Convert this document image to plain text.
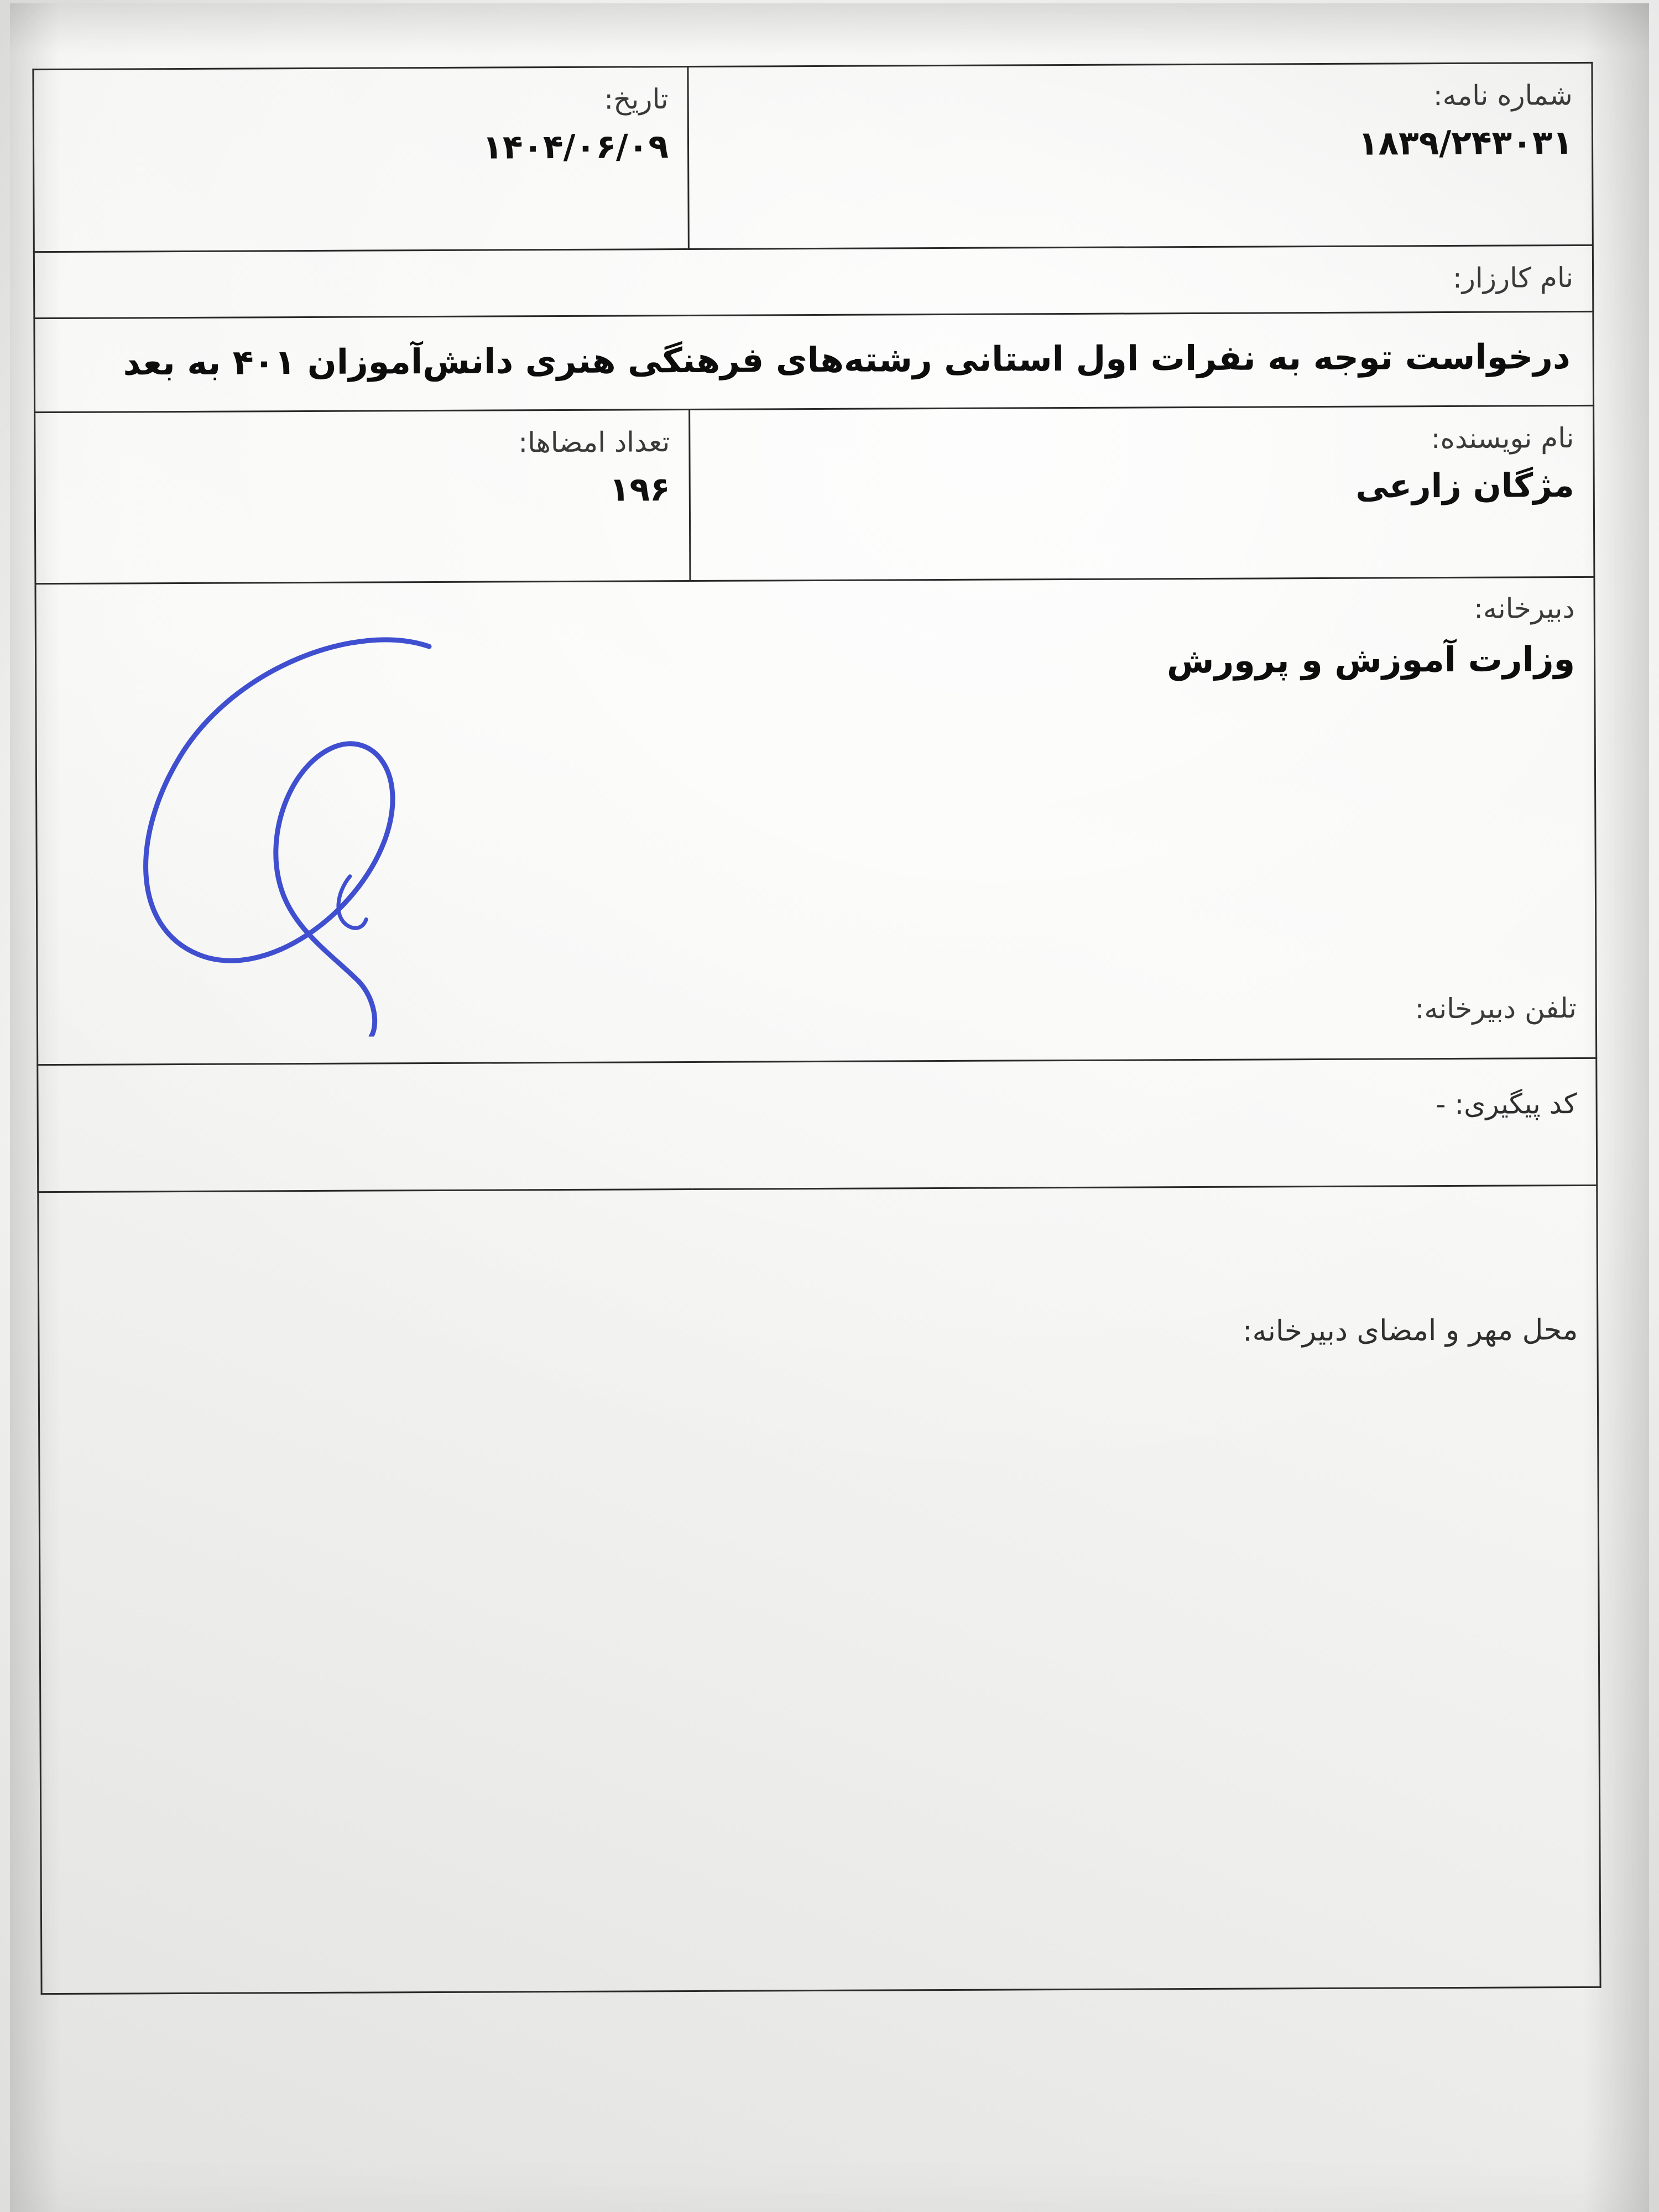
شماره نامه:
۱۸۳۹/۲۴۳۰۳۱

تاریخ:
۱۴۰۴/۰۶/۰۹

نام کارزار:	

درخواست توجه به نفرات اول استانی رشته‌های فرهنگی هنری دانش‌آموزان ۴۰۱ به بعد	

نام نویسنده:
مژگان زارعی

تعداد امضاها:
۱۹۶

دبیرخانه:
وزارت آموزش و پرورش
تلفن دبیرخانه:	

کد پیگیری: -	

محل مهر و امضای دبیرخانه:	
